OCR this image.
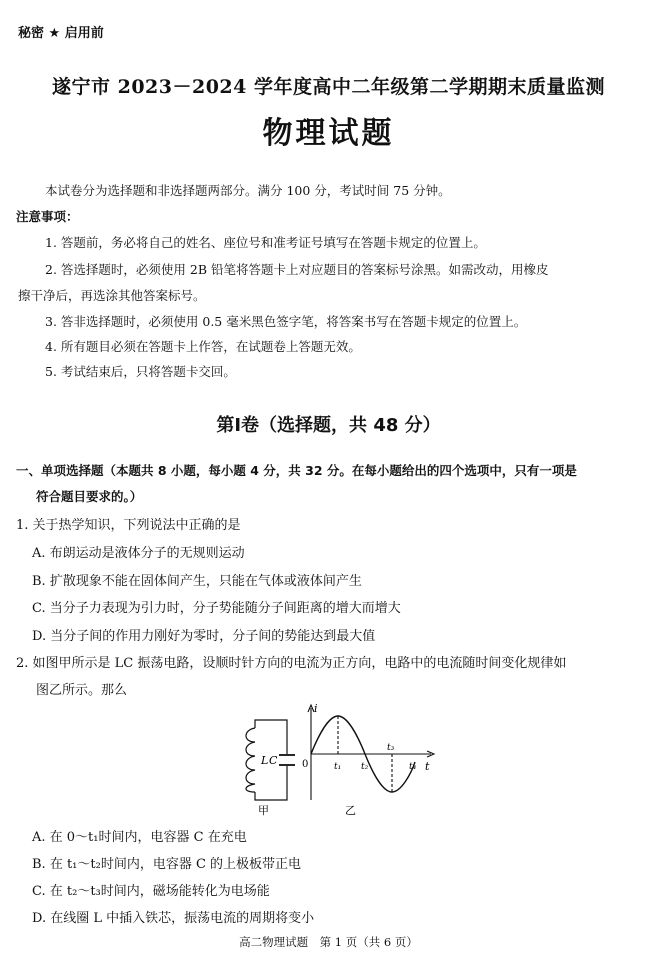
秘密 ★ 启用前
遂宁市 2023－2024 学年度高中二年级第二学期期末质量监测
物理试题
本试卷分为选择题和非选择题两部分。满分 100 分，考试时间 75 分钟。
注意事项：
1. 答题前，务必将自己的姓名、座位号和准考证号填写在答题卡规定的位置上。
2. 答选择题时，必须使用 2B 铅笔将答题卡上对应题目的答案标号涂黑。如需改动，用橡皮
擦干净后，再选涂其他答案标号。
3. 答非选择题时，必须使用 0.5 毫米黑色签字笔，将答案书写在答题卡规定的位置上。
4. 所有题目必须在答题卡上作答，在试题卷上答题无效。
5. 考试结束后，只将答题卡交回。
第Ⅰ卷（选择题，共 48 分）
一、单项选择题（本题共 8 小题，每小题 4 分，共 32 分。在每小题给出的四个选项中，只有一项是
符合题目要求的。）
1. 关于热学知识，下列说法中正确的是
A. 布朗运动是液体分子的无规则运动
B. 扩散现象不能在固体间产生，只能在气体或液体间产生
C. 当分子力表现为引力时，分子势能随分子间距离的增大而增大
D. 当分子间的作用力刚好为零时，分子间的势能达到最大值
2. 如图甲所示是 LC 振荡电路，设顺时针方向的电流为正方向，电路中的电流随时间变化规律如
图乙所示。那么
L C
甲
i
t
0	t₁ t₂
t₃
t₄
乙
A. 在 0～t₁时间内，电容器 C 在充电
B. 在 t₁～t₂时间内，电容器 C 的上极板带正电
C. 在 t₂～t₃时间内，磁场能转化为电场能
D. 在线圈 L 中插入铁芯，振荡电流的周期将变小
高二物理试题　第 1 页（共 6 页）
